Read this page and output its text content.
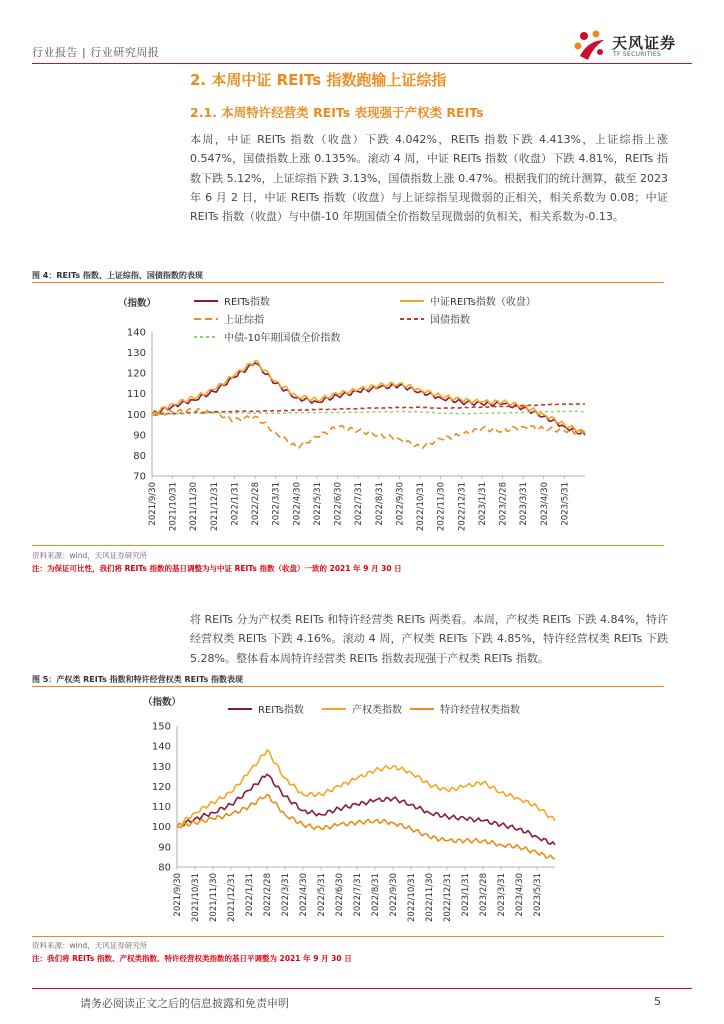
行业报告 | 行业研究周报
天风证券
TF SECURITIES
2. 本周中证 REITs 指数跑输上证综指
2.1. 本周特许经营类 REITs 表现强于产权类 REITs
本周，中证 REITs 指数（收盘）下跌 4.042%，REITs 指数下跌 4.413%，上证综指上涨 0.547%，国债指数上涨 0.135%。滚动 4 周，中证 REITs 指数（收盘）下跌 4.81%，REITs 指数下跌 5.12%，上证综指下跌 3.13%，国债指数上涨 0.47%。根据我们的统计测算，截至 2023 年 6 月 2 日，中证 REITs 指数（收盘）与上证综指呈现微弱的正相关，相关系数为 0.08；中证 REITs 指数（收盘）与中债-10 年期国债全价指数呈现微弱的负相关，相关系数为-0.13。
图 4：REITs 指数、上证综指、国债指数的表现
70
80
90
100
110
120
130
140
（指数）
2021/9/30 2021/10/31 2021/11/30 2021/12/31 2022/1/31 2022/2/28 2022/3/31 2022/4/30 2022/5/31 2022/6/30 2022/7/31 2022/8/31 2022/9/30 2022/10/31 2022/11/30 2022/12/31 2023/1/31 2023/2/28 2023/3/31 2023/4/30 2023/5/31
REITs指数	中证REITs指数（收盘）
上证综指	国债指数
中债-10年期国债全价指数
资料来源：wind，天风证券研究所
注：为保证可比性，我们将 REITs 指数的基日调整为与中证 REITs 指数（收盘）一致的 2021 年 9 月 30 日
将 REITs 分为产权类 REITs 和特许经营类 REITs 两类看。本周，产权类 REITs 下跌 4.84%，特许经营权类 REITs 下跌 4.16%。滚动 4 周，产权类 REITs 下跌 4.85%，特许经营权类 REITs 下跌 5.28%。整体看本周特许经营类 REITs 指数表现强于产权类 REITs 指数。
图 5：产权类 REITs 指数和特许经营权类 REITs 指数表现
80
90
100
110
120
130
140
150
（指数）
2021/9/30 2021/10/31 2021/11/30 2021/12/31 2022/1/31 2022/2/28 2022/3/31 2022/4/30 2022/5/31 2022/6/30 2022/7/31 2022/8/31 2022/9/30 2022/10/31 2022/11/30 2022/12/31 2023/1/31 2023/2/28 2023/3/31 2023/4/30 2023/5/31
REITs指数	产权类指数	特许经营权类指数
资料来源：wind，天风证券研究所
注：我们将 REITs 指数、产权类指数、特许经营权类指数的基日平调整为 2021 年 9 月 30 日
请务必阅读正文之后的信息披露和免责申明	5
